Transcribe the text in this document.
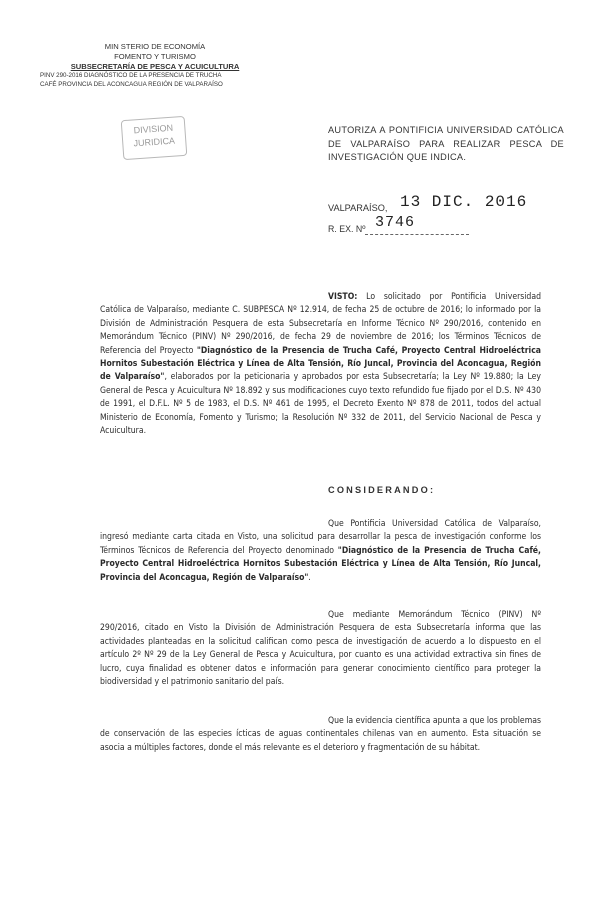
MIN STERIO DE ECONOMÍA
FOMENTO Y TURISMO
SUBSECRETARÍA DE PESCA Y ACUICULTURA
PINV 290-2016 DIAGNÓSTICO DE LA PRESENCIA DE TRUCHA
CAFÉ PROVINCIA DEL ACONCAGUA REGIÓN DE VALPARAÍSO
DIVISION
JURIDICA
AUTORIZA A PONTIFICIA UNIVERSIDAD CATÓLICA DE VALPARAÍSO PARA REALIZAR PESCA DE INVESTIGACIÓN QUE INDICA.
VALPARAÍSO, 13 DIC. 2016
R. EX. Nº 3746
VISTO: Lo solicitado por Pontificia Universidad Católica de Valparaíso, mediante C. SUBPESCA Nº 12.914, de fecha 25 de octubre de 2016; lo informado por la División de Administración Pesquera de esta Subsecretaría en Informe Técnico Nº 290/2016, contenido en Memorándum Técnico (PINV) Nº 290/2016, de fecha 29 de noviembre de 2016; los Términos Técnicos de Referencia del Proyecto "Diagnóstico de la Presencia de Trucha Café, Proyecto Central Hidroeléctrica Hornitos Subestación Eléctrica y Línea de Alta Tensión, Río Juncal, Provincia del Aconcagua, Región de Valparaíso", elaborados por la peticionaria y aprobados por esta Subsecretaría; la Ley Nº 19.880; la Ley General de Pesca y Acuicultura Nº 18.892 y sus modificaciones cuyo texto refundido fue fijado por el D.S. Nº 430 de 1991, el D.F.L. Nº 5 de 1983, el D.S. Nº 461 de 1995, el Decreto Exento Nº 878 de 2011, todos del actual Ministerio de Economía, Fomento y Turismo; la Resolución Nº 332 de 2011, del Servicio Nacional de Pesca y Acuicultura.
CONSIDERANDO:
Que Pontificia Universidad Católica de Valparaíso, ingresó mediante carta citada en Visto, una solicitud para desarrollar la pesca de investigación conforme los Términos Técnicos de Referencia del Proyecto denominado "Diagnóstico de la Presencia de Trucha Café, Proyecto Central Hidroeléctrica Hornitos Subestación Eléctrica y Línea de Alta Tensión, Río Juncal, Provincia del Aconcagua, Región de Valparaíso".
Que mediante Memorándum Técnico (PINV) Nº 290/2016, citado en Visto la División de Administración Pesquera de esta Subsecretaría informa que las actividades planteadas en la solicitud califican como pesca de investigación de acuerdo a lo dispuesto en el artículo 2º Nº 29 de la Ley General de Pesca y Acuicultura, por cuanto es una actividad extractiva sin fines de lucro, cuya finalidad es obtener datos e información para generar conocimiento científico para proteger la biodiversidad y el patrimonio sanitario del país.
Que la evidencia científica apunta a que los problemas de conservación de las especies ícticas de aguas continentales chilenas van en aumento. Esta situación se asocia a múltiples factores, donde el más relevante es el deterioro y fragmentación de su hábitat.
